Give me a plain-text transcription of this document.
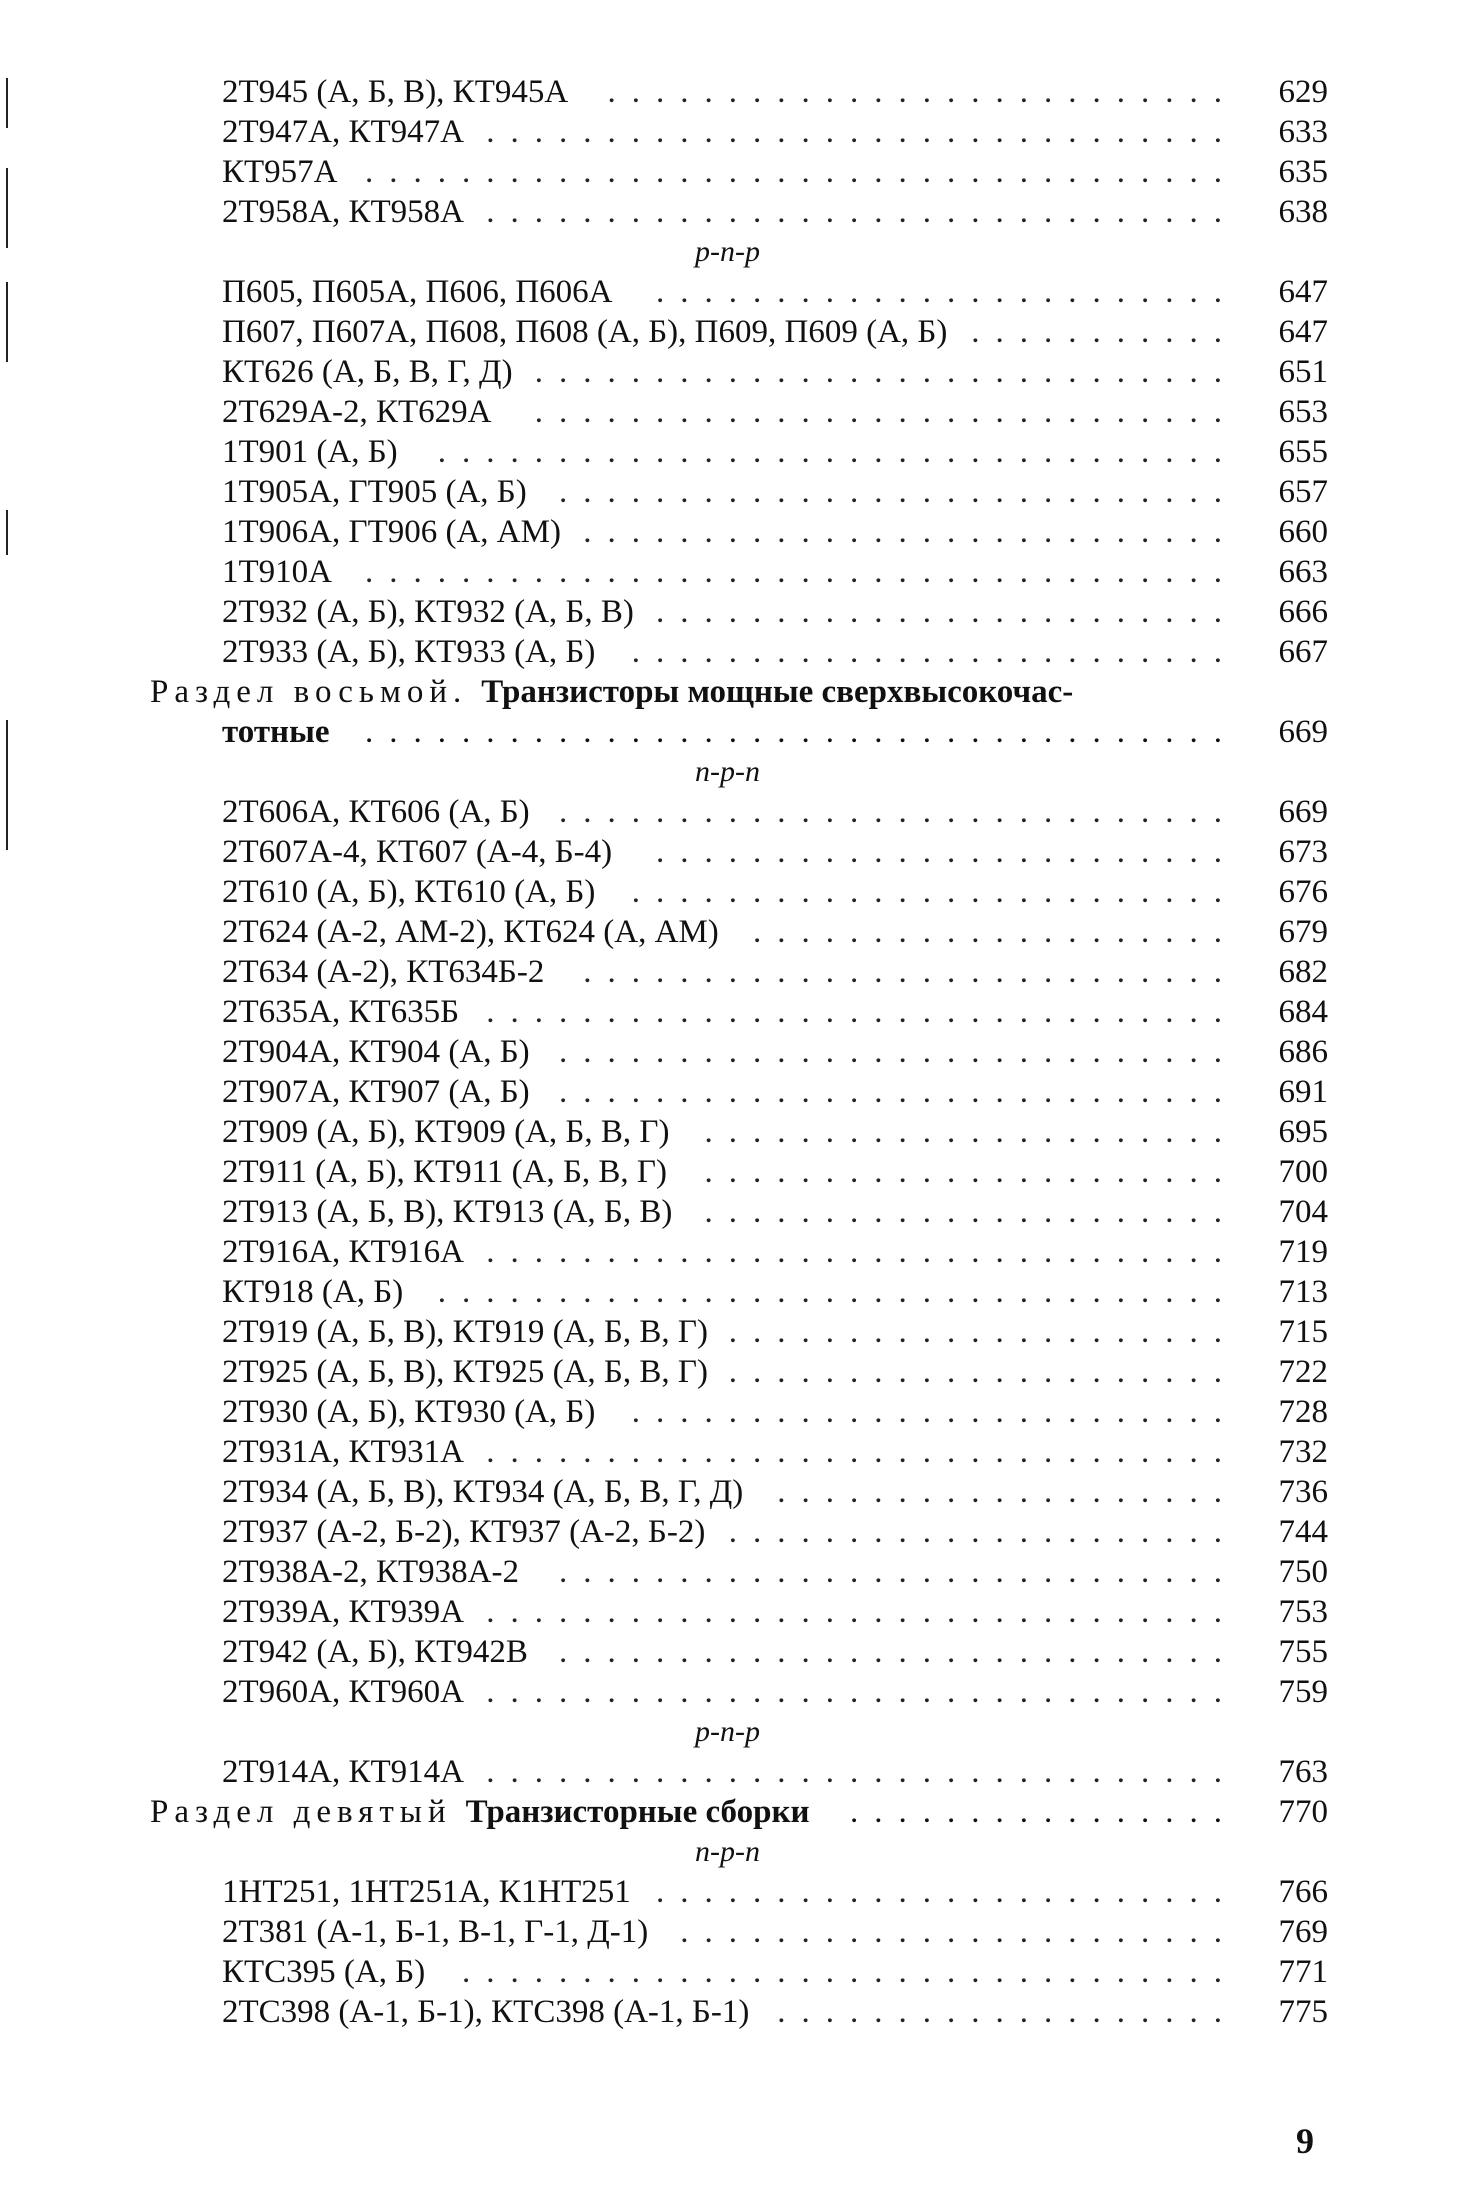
2Т945 (А, Б, В), КТ945А	629
..........................
2Т947А, КТ947А	633
...............................
КТ957А	635
....................................
2Т958А, КТ958А	638
...............................
p-n-p
П605, П605А, П606, П606А	647
........................
П607, П607А, П608, П608 (А, Б), П609, П609 (А, Б)	647
...........
КТ626 (А, Б, В, Г, Д)	651
.............................
2Т629А-2, КТ629А	653
.............................
1Т901 (А, Б)	655
.................................
1Т905А, ГТ905 (А, Б)	657
............................
1Т906А, ГТ906 (А, АМ)	660
...........................
1Т910А	663
....................................
2Т932 (А, Б), КТ932 (А, Б, В)	666
........................
2Т933 (А, Б), КТ933 (А, Б)	667
.........................
Раздел восьмой. Транзисторы мощные сверхвысокочас-
тотные	669
....................................
n-p-n
2Т606А, КТ606 (А, Б)	669
............................
2Т607А-4, КТ607 (А-4, Б-4)	673
........................
2Т610 (А, Б), КТ610 (А, Б)	676
.........................
2Т624 (А-2, АМ-2), КТ624 (А, АМ)	679
....................
2Т634 (А-2), КТ634Б-2	682
...........................
2Т635А, КТ635Б	684
...............................
2Т904А, КТ904 (А, Б)	686
............................
2Т907А, КТ907 (А, Б)	691
............................
2Т909 (А, Б), КТ909 (А, Б, В, Г)	695
......................
2Т911 (А, Б), КТ911 (А, Б, В, Г)	700
......................
2Т913 (А, Б, В), КТ913 (А, Б, В)	704
......................
2Т916А, КТ916А	719
...............................
КТ918 (А, Б)	713
.................................
2Т919 (А, Б, В), КТ919 (А, Б, В, Г)	715
.....................
2Т925 (А, Б, В), КТ925 (А, Б, В, Г)	722
.....................
2Т930 (А, Б), КТ930 (А, Б)	728
.........................
2Т931А, КТ931А	732
...............................
2Т934 (А, Б, В), КТ934 (А, Б, В, Г, Д)	736
...................
2Т937 (А-2, Б-2), КТ937 (А-2, Б-2)	744
.....................
2Т938А-2, КТ938А-2	750
............................
2Т939А, КТ939А	753
...............................
2Т942 (А, Б), КТ942В	755
............................
2Т960А, КТ960А	759
...............................
p-n-p
2Т914А, КТ914А	763
...............................
Раздел девятый Транзисторные сборки	770
................
n-p-n
1НТ251, 1НТ251А, К1НТ251	766
........................
2Т381 (А-1, Б-1, В-1, Г-1, Д-1)	769
.......................
КТС395 (А, Б)	771
................................
2ТС398 (А-1, Б-1), КТС398 (А-1, Б-1)	775
...................
9
